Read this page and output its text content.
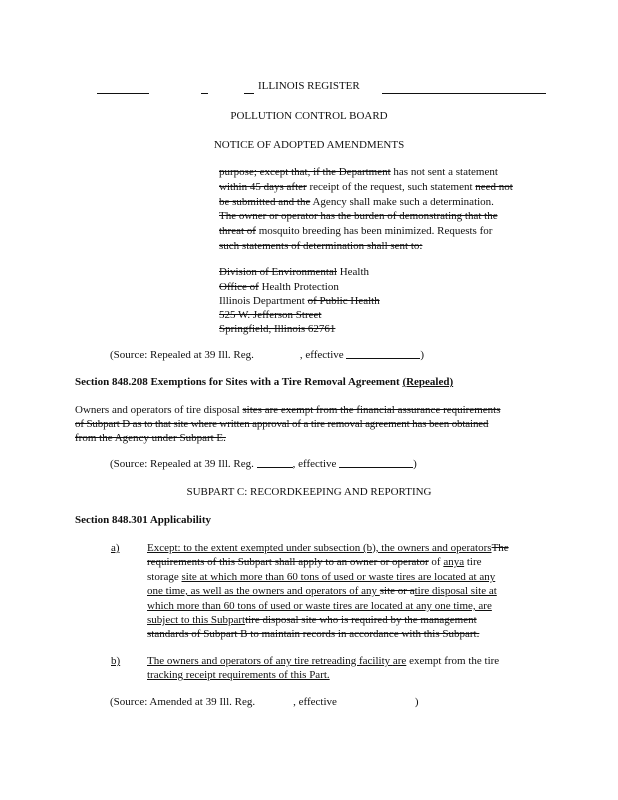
ILLINOIS REGISTER
POLLUTION CONTROL BOARD
NOTICE OF ADOPTED AMENDMENTS
purpose; except that, if the Department has not sent a statement
within 45 days after receipt of the request, such statement need not
be submitted and the Agency shall make such a determination.
The owner or operator has the burden of demonstrating that the
threat of mosquito breeding has been minimized. Requests for
such statements of determination shall sent to:
Division of Environmental Health
Office of Health Protection
Illinois Department of Public Health
525 W. Jefferson Street
Springfield, Illinois 62761
(Source: Repealed at 39 Ill. Reg.	, effective	)
Section 848.208 Exemptions for Sites with a Tire Removal Agreement (Repealed)
Owners and operators of tire disposal sites are exempt from the financial assurance requirements
of Subpart D as to that site where written approval of a tire removal agreement has been obtained
from the Agency under Subpart E.
(Source: Repealed at 39 Ill. Reg.	, effective	)
SUBPART C: RECORDKEEPING AND REPORTING
Section 848.301 Applicability
a) Except: to the extent exempted under subsection (b), the owners and operatorsThe
requirements of this Subpart shall apply to an owner or operator of anya tire
storage site at which more than 60 tons of used or waste tires are located at any
one time, as well as the owners and operators of any site or atire disposal site at
which more than 60 tons of used or waste tires are located at any one time, are
subject to this Subparttire disposal site who is required by the management
standards of Subpart B to maintain records in accordance with this Subpart.
b) The owners and operators of any tire retreading facility are exempt from the tire
tracking receipt requirements of this Part.
(Source: Amended at 39 Ill. Reg.	, effective	)
